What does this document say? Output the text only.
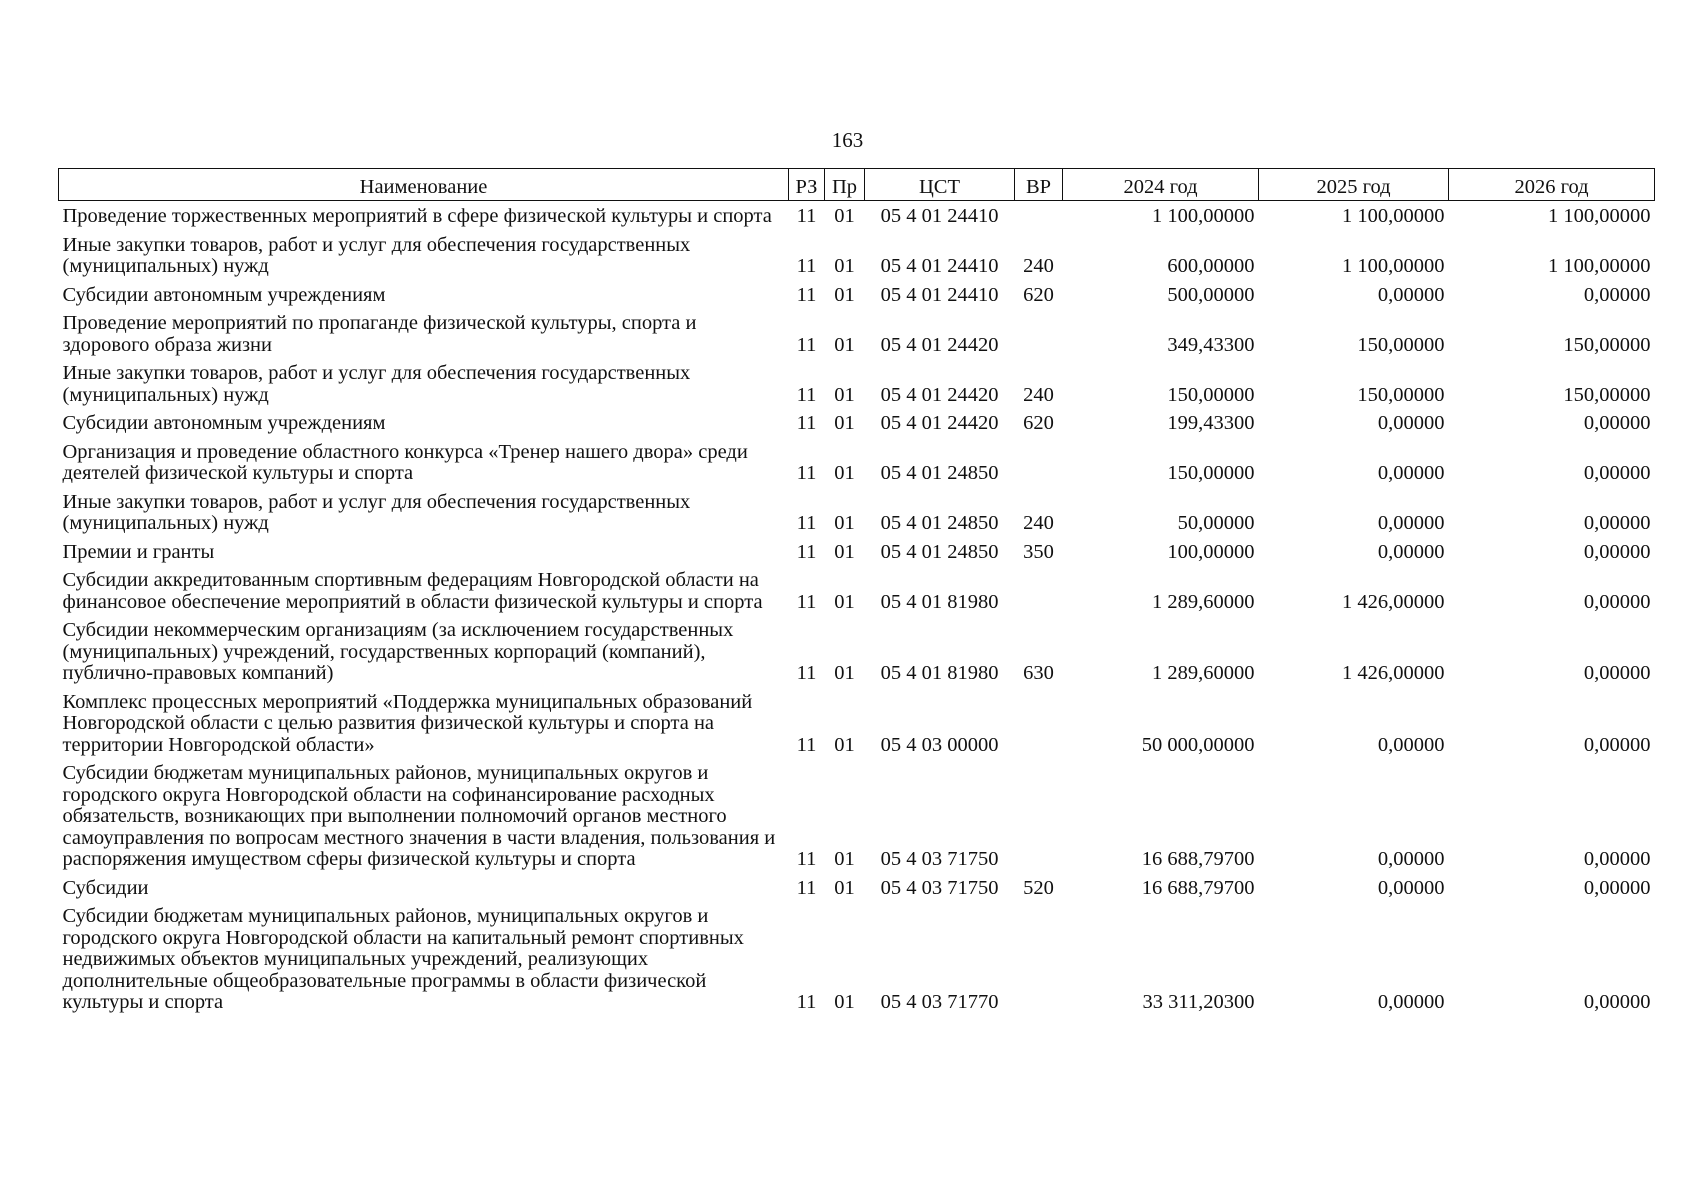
163
Наименование	РЗ	Пр	ЦСТ	ВР	2024 год	2025 год	2026 год
Проведение торжественных мероприятий в сфере физической культуры и спорта	11	01	05 4 01 24410		1 100,00000	1 100,00000	1 100,00000
Иные закупки товаров, работ и услуг для обеспечения государственных (муниципальных) нужд	11	01	05 4 01 24410	240	600,00000	1 100,00000	1 100,00000
Субсидии автономным учреждениям	11	01	05 4 01 24410	620	500,00000	0,00000	0,00000
Проведение мероприятий по пропаганде физической культуры, спорта и здорового образа жизни	11	01	05 4 01 24420		349,43300	150,00000	150,00000
Иные закупки товаров, работ и услуг для обеспечения государственных (муниципальных) нужд	11	01	05 4 01 24420	240	150,00000	150,00000	150,00000
Субсидии автономным учреждениям	11	01	05 4 01 24420	620	199,43300	0,00000	0,00000
Организация и проведение областного конкурса «Тренер нашего двора» среди деятелей физической культуры и спорта	11	01	05 4 01 24850		150,00000	0,00000	0,00000
Иные закупки товаров, работ и услуг для обеспечения государственных (муниципальных) нужд	11	01	05 4 01 24850	240	50,00000	0,00000	0,00000
Премии и гранты	11	01	05 4 01 24850	350	100,00000	0,00000	0,00000
Субсидии аккредитованным спортивным федерациям Новгородской области на финансовое обеспечение мероприятий в области физической культуры и спорта	11	01	05 4 01 81980		1 289,60000	1 426,00000	0,00000
Субсидии некоммерческим организациям (за исключением государственных (муниципальных) учреждений, государственных корпораций (компаний), публично-правовых компаний)	11	01	05 4 01 81980	630	1 289,60000	1 426,00000	0,00000
Комплекс процессных мероприятий «Поддержка муниципальных образований Новгородской области с целью развития физической культуры и спорта на территории Новгородской области»	11	01	05 4 03 00000		50 000,00000	0,00000	0,00000
Субсидии бюджетам муниципальных районов, муниципальных округов и городского округа Новгородской области на софинансирование расходных обязательств, возникающих при выполнении полномочий органов местного самоуправления по вопросам местного значения в части владения, пользования и распоряжения имуществом сферы физической культуры и спорта	11	01	05 4 03 71750		16 688,79700	0,00000	0,00000
Субсидии	11	01	05 4 03 71750	520	16 688,79700	0,00000	0,00000
Субсидии бюджетам муниципальных районов, муниципальных округов и городского округа Новгородской области на капитальный ремонт спортивных недвижимых объектов муниципальных учреждений, реализующих дополнительные общеобразовательные программы в области физической культуры и спорта	11	01	05 4 03 71770		33 311,20300	0,00000	0,00000
